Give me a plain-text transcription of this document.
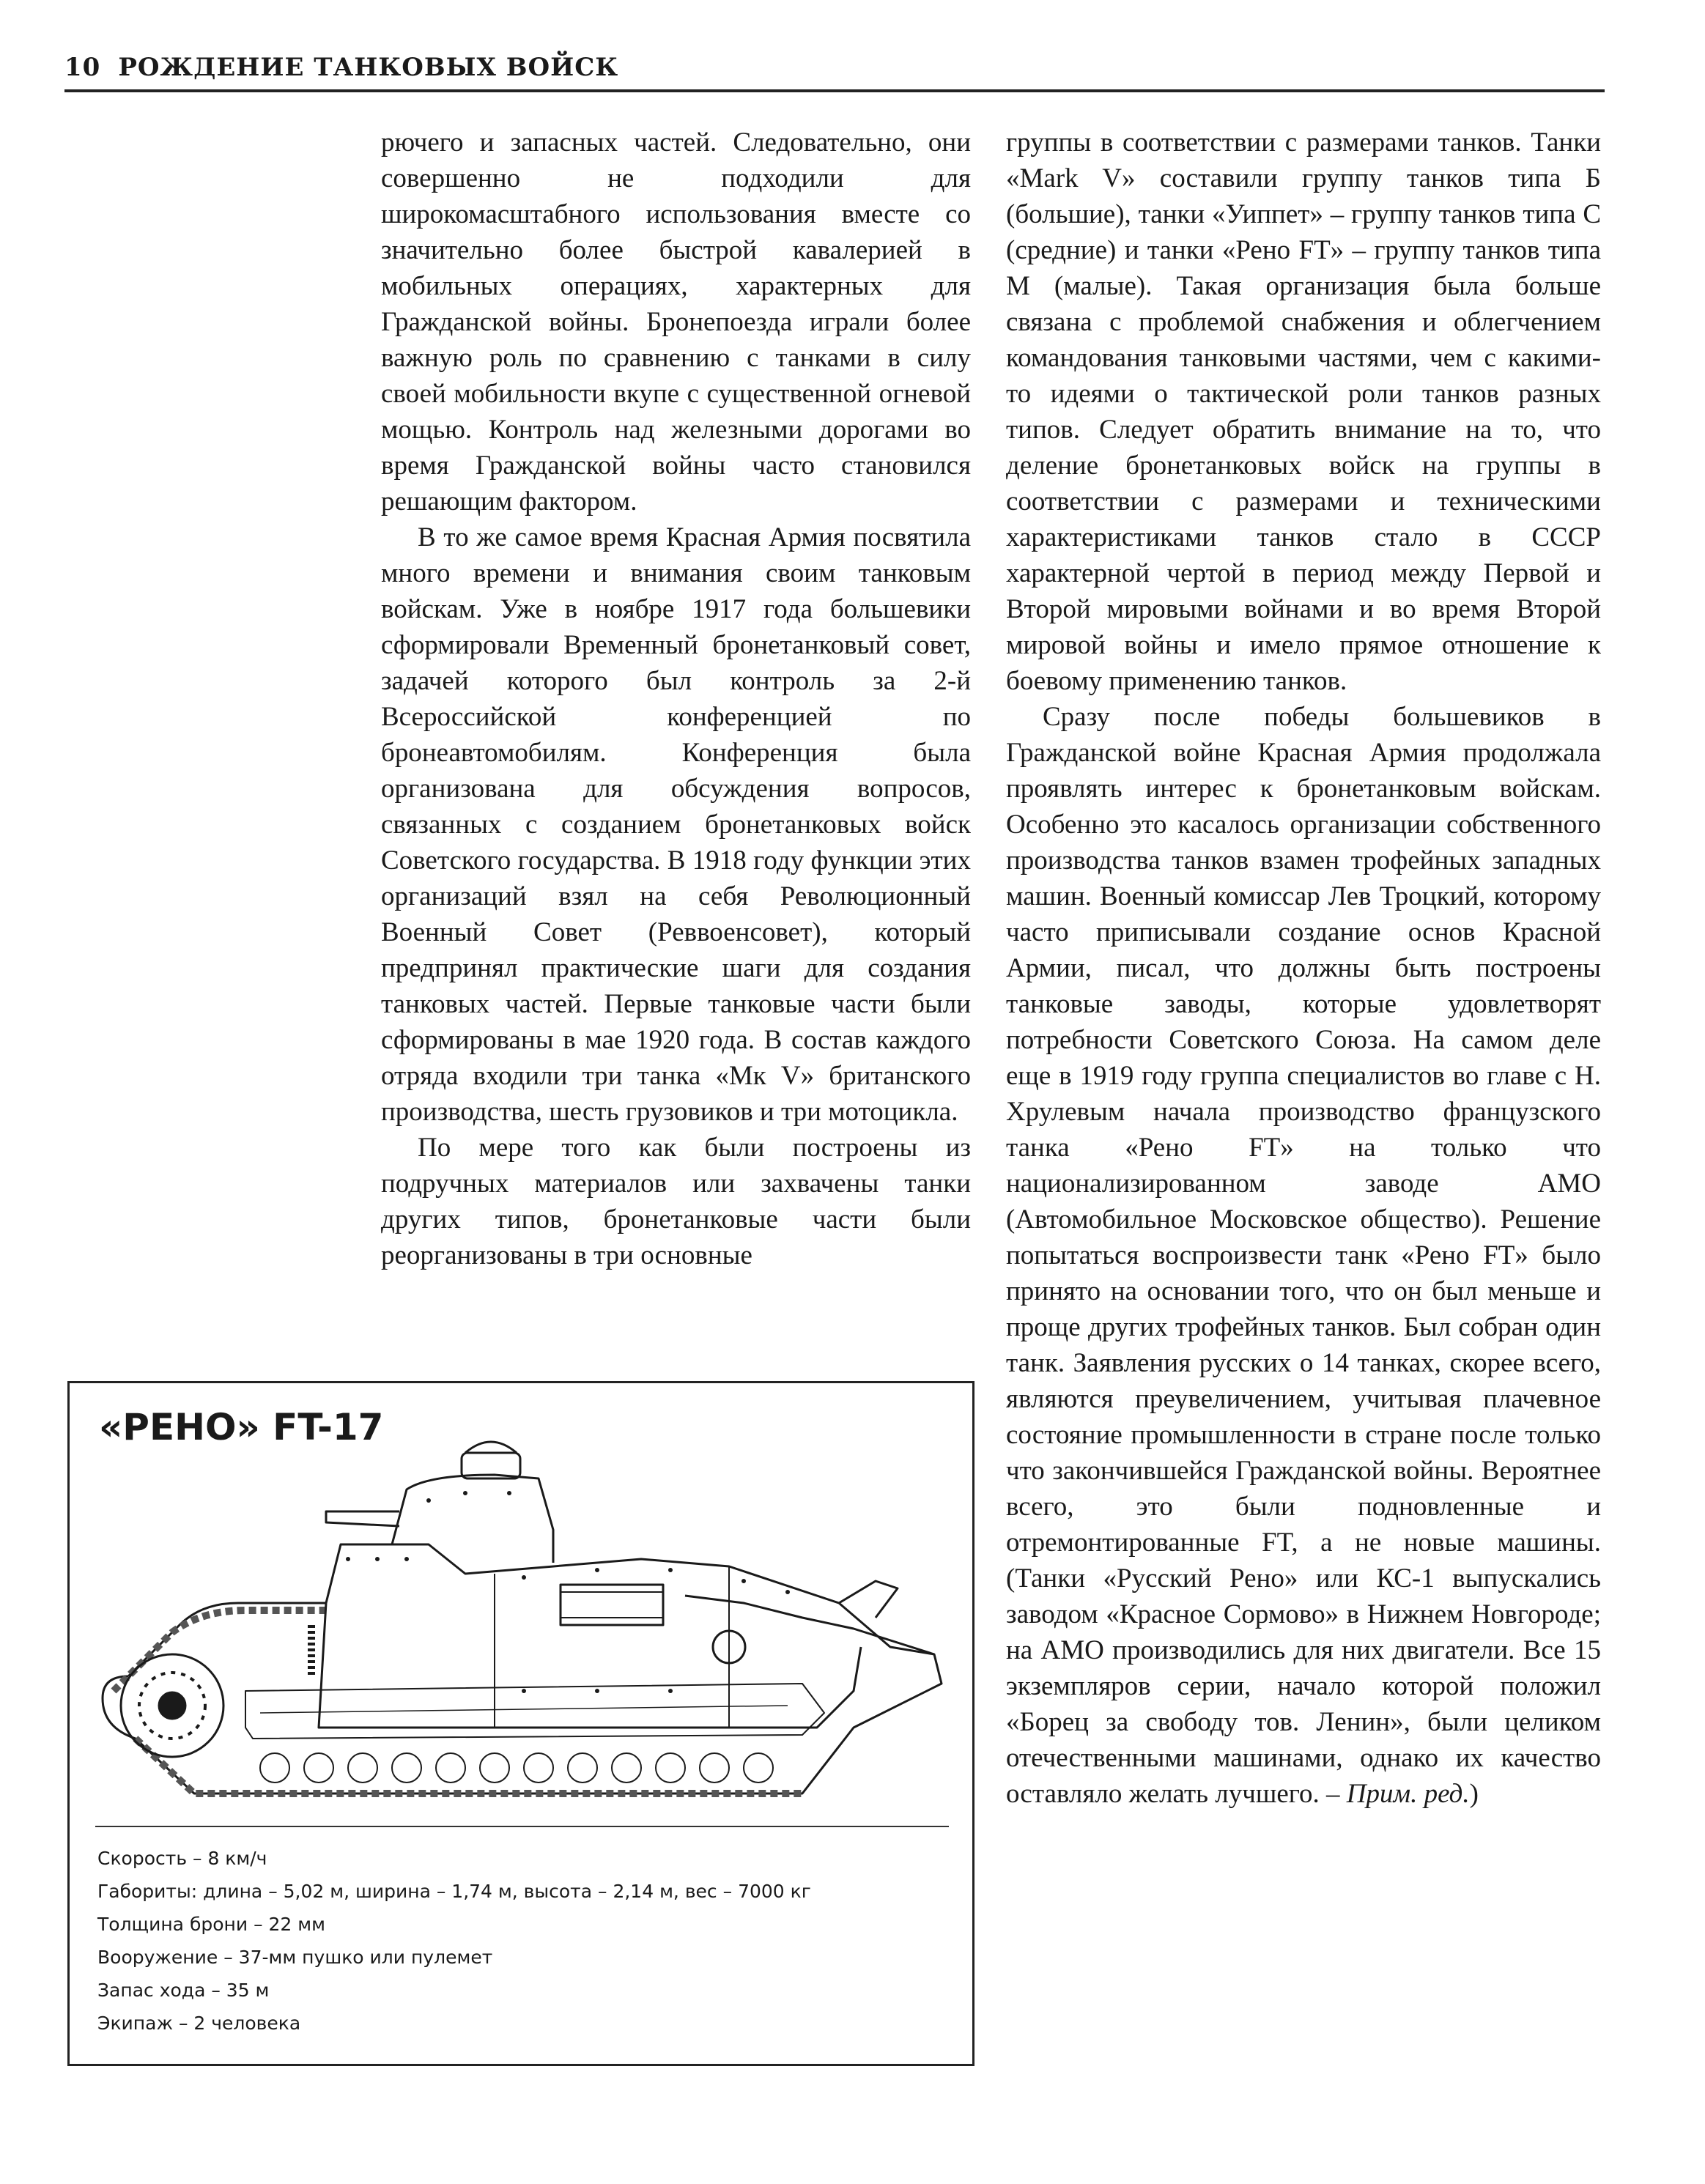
10 РОЖДЕНИЕ ТАНКОВЫХ ВОЙСК

рючего и запасных частей. Следовательно, они совершенно не подходили для широкомасштабного использования вместе со значительно более быстрой кавалерией в мобильных операциях, характерных для Гражданской войны. Бронепоезда играли более важную роль по сравнению с танками в силу своей мобильности вкупе с существенной огневой мощью. Контроль над железными дорогами во время Гражданской войны часто становился решающим фактором.

В то же самое время Красная Армия посвятила много времени и внимания своим танковым войскам. Уже в ноябре 1917 года большевики сформировали Временный бронетанковый совет, задачей которого был контроль за 2-й Всероссийской конференцией по бронеавтомобилям. Конференция была организована для обсуждения вопросов, связанных с созданием бронетанковых войск Советского государства. В 1918 году функции этих организаций взял на себя Революционный Военный Совет (Реввоенсовет), который предпринял практические шаги для создания танковых частей. Первые танковые части были сформированы в мае 1920 года. В состав каждого отряда входили три танка «Мк V» британского производства, шесть грузовиков и три мотоцикла.

По мере того как были построены из подручных материалов или захвачены танки других типов, бронетанковые части были реорганизованы в три основные

группы в соответствии с размерами танков. Танки «Mark V» составили группу танков типа Б (большие), танки «Уиппет» – группу танков типа С (средние) и танки «Рено FT» – группу танков типа М (малые). Такая организация была больше связана с проблемой снабжения и облегчением командования танковыми частями, чем с какими-то идеями о тактической роли танков разных типов. Следует обратить внимание на то, что деление бронетанковых войск на группы в соответствии с размерами и техническими характеристиками танков стало в СССР характерной чертой в период между Первой и Второй мировыми войнами и во время Второй мировой войны и имело прямое отношение к боевому применению танков.

Сразу после победы большевиков в Гражданской войне Красная Армия продолжала проявлять интерес к бронетанковым войскам. Особенно это касалось организации собственного производства танков взамен трофейных западных машин. Военный комиссар Лев Троцкий, которому часто приписывали создание основ Красной Армии, писал, что должны быть построены танковые заводы, которые удовлетворят потребности Советского Союза. На самом деле еще в 1919 году группа специалистов во главе с Н. Хрулевым начала производство французского танка «Рено FT» на только что национализированном заводе АМО (Автомобильное Московское общество). Решение попытаться воспроизвести танк «Рено FT» было принято на основании того, что он был меньше и проще других трофейных танков. Был собран один танк. Заявления русских о 14 танках, скорее всего, являются преувеличением, учитывая плачевное состояние промышленности в стране после только что закончившейся Гражданской войны. Вероятнее всего, это были подновленные и отремонтированные FT, а не новые машины. (Танки «Русский Рено» или КС-1 выпускались заводом «Красное Сормово» в Нижнем Новгороде; на АМО производились для них двигатели. Все 15 экземпляров серии, начало которой положил «Борец за свободу тов. Ленин», были целиком отечественными машинами, однако их качество оставляло желать лучшего. – Прим. ред.)

«РЕНО» FT-17
Скорость – 8 км/ч
Габориты: длина – 5,02 м, ширина – 1,74 м, высота – 2,14 м, вес – 7000 кг
Толщина брони – 22 мм
Вооружение – 37-мм пушко или пулемет
Запас хода – 35 м
Экипаж – 2 человека
